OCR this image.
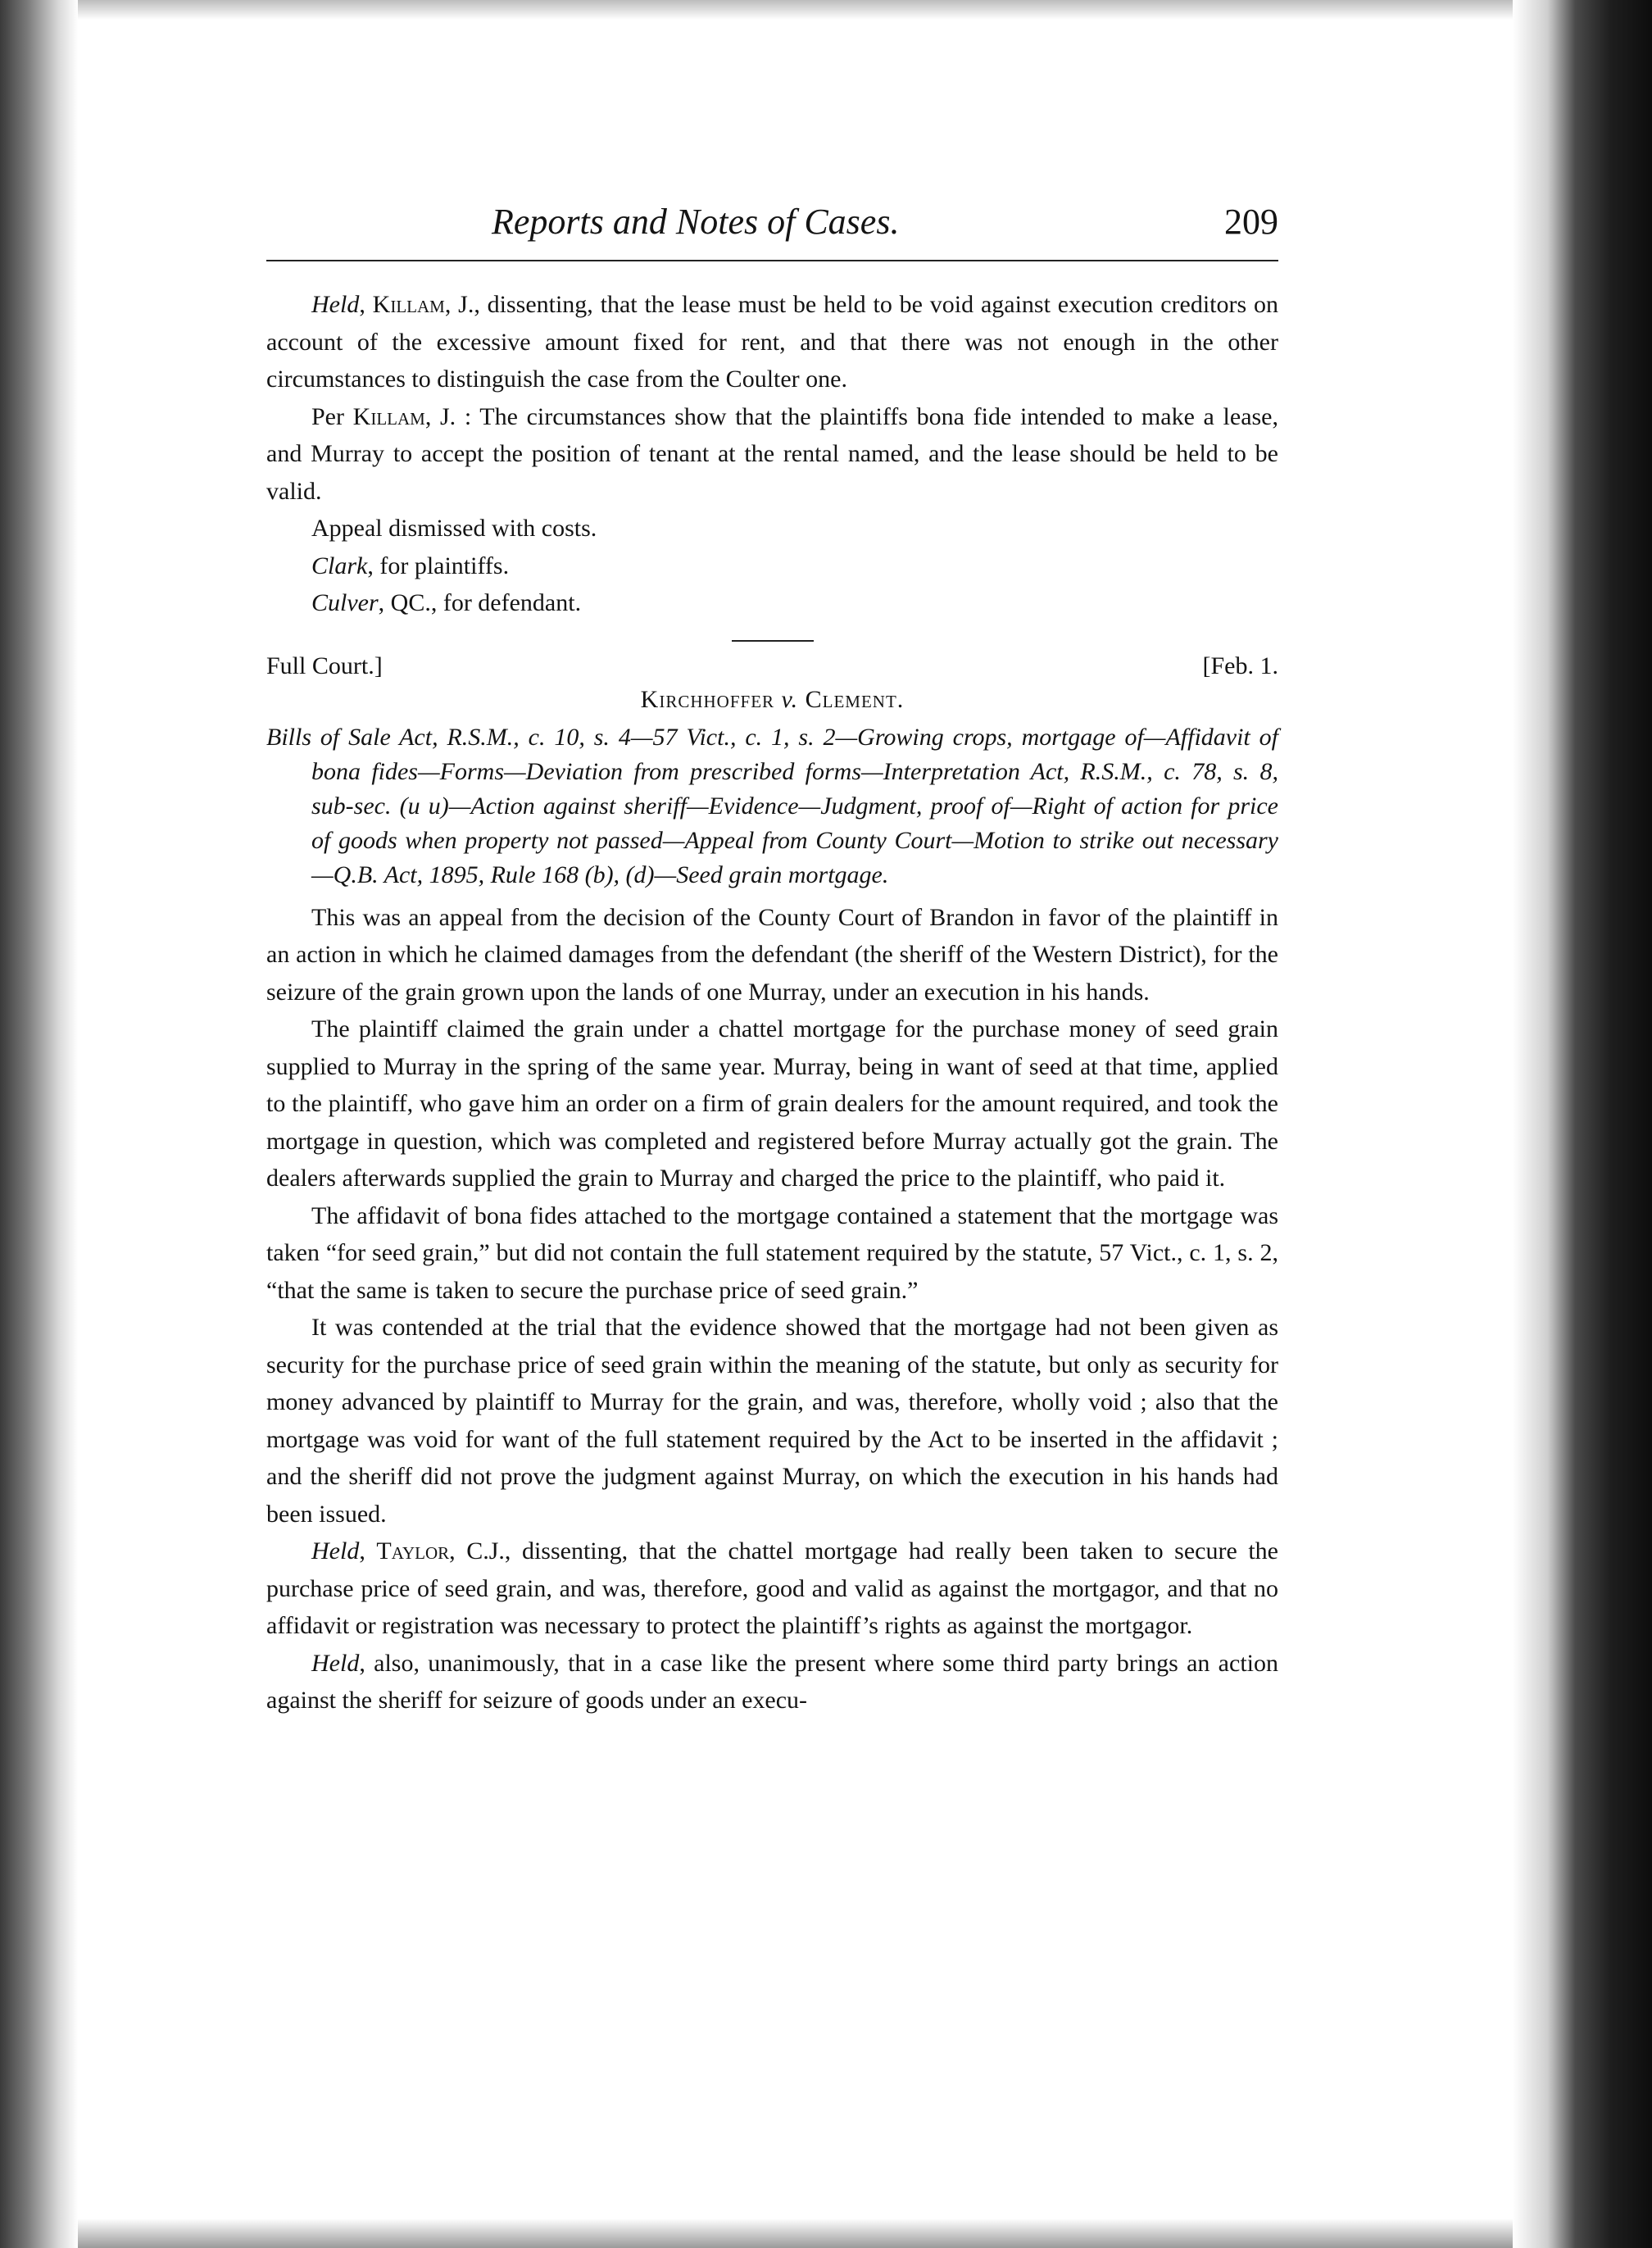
Reports and Notes of Cases.	209

Held, Killam, J., dissenting, that the lease must be held to be void against execution creditors on account of the excessive amount fixed for rent, and that there was not enough in the other circumstances to distinguish the case from the Coulter one.

Per Killam, J. : The circumstances show that the plaintiffs bona fide intended to make a lease, and Murray to accept the position of tenant at the rental named, and the lease should be held to be valid.

Appeal dismissed with costs.

Clark, for plaintiffs.

Culver, QC., for defendant.

Full Court.]	[Feb. 1.
Kirchhoffer v. Clement.

Bills of Sale Act, R.S.M., c. 10, s. 4—57 Vict., c. 1, s. 2—Growing crops, mortgage of—Affidavit of bona fides—Forms—Deviation from prescribed forms—Interpretation Act, R.S.M., c. 78, s. 8, sub-sec. (u u)—Action against sheriff—Evidence—Judgment, proof of—Right of action for price of goods when property not passed—Appeal from County Court—Motion to strike out necessary—Q.B. Act, 1895, Rule 168 (b), (d)—Seed grain mortgage.

This was an appeal from the decision of the County Court of Brandon in favor of the plaintiff in an action in which he claimed damages from the defendant (the sheriff of the Western District), for the seizure of the grain grown upon the lands of one Murray, under an execution in his hands.

The plaintiff claimed the grain under a chattel mortgage for the purchase money of seed grain supplied to Murray in the spring of the same year. Murray, being in want of seed at that time, applied to the plaintiff, who gave him an order on a firm of grain dealers for the amount required, and took the mortgage in question, which was completed and registered before Murray actually got the grain. The dealers afterwards supplied the grain to Murray and charged the price to the plaintiff, who paid it.

The affidavit of bona fides attached to the mortgage contained a statement that the mortgage was taken “for seed grain,” but did not contain the full statement required by the statute, 57 Vict., c. 1, s. 2, “that the same is taken to secure the purchase price of seed grain.”

It was contended at the trial that the evidence showed that the mortgage had not been given as security for the purchase price of seed grain within the meaning of the statute, but only as security for money advanced by plaintiff to Murray for the grain, and was, therefore, wholly void ; also that the mortgage was void for want of the full statement required by the Act to be inserted in the affidavit ; and the sheriff did not prove the judgment against Murray, on which the execution in his hands had been issued.

Held, Taylor, C.J., dissenting, that the chattel mortgage had really been taken to secure the purchase price of seed grain, and was, therefore, good and valid as against the mortgagor, and that no affidavit or registration was necessary to protect the plaintiff’s rights as against the mortgagor.

Held, also, unanimously, that in a case like the present where some third party brings an action against the sheriff for seizure of goods under an execu-
